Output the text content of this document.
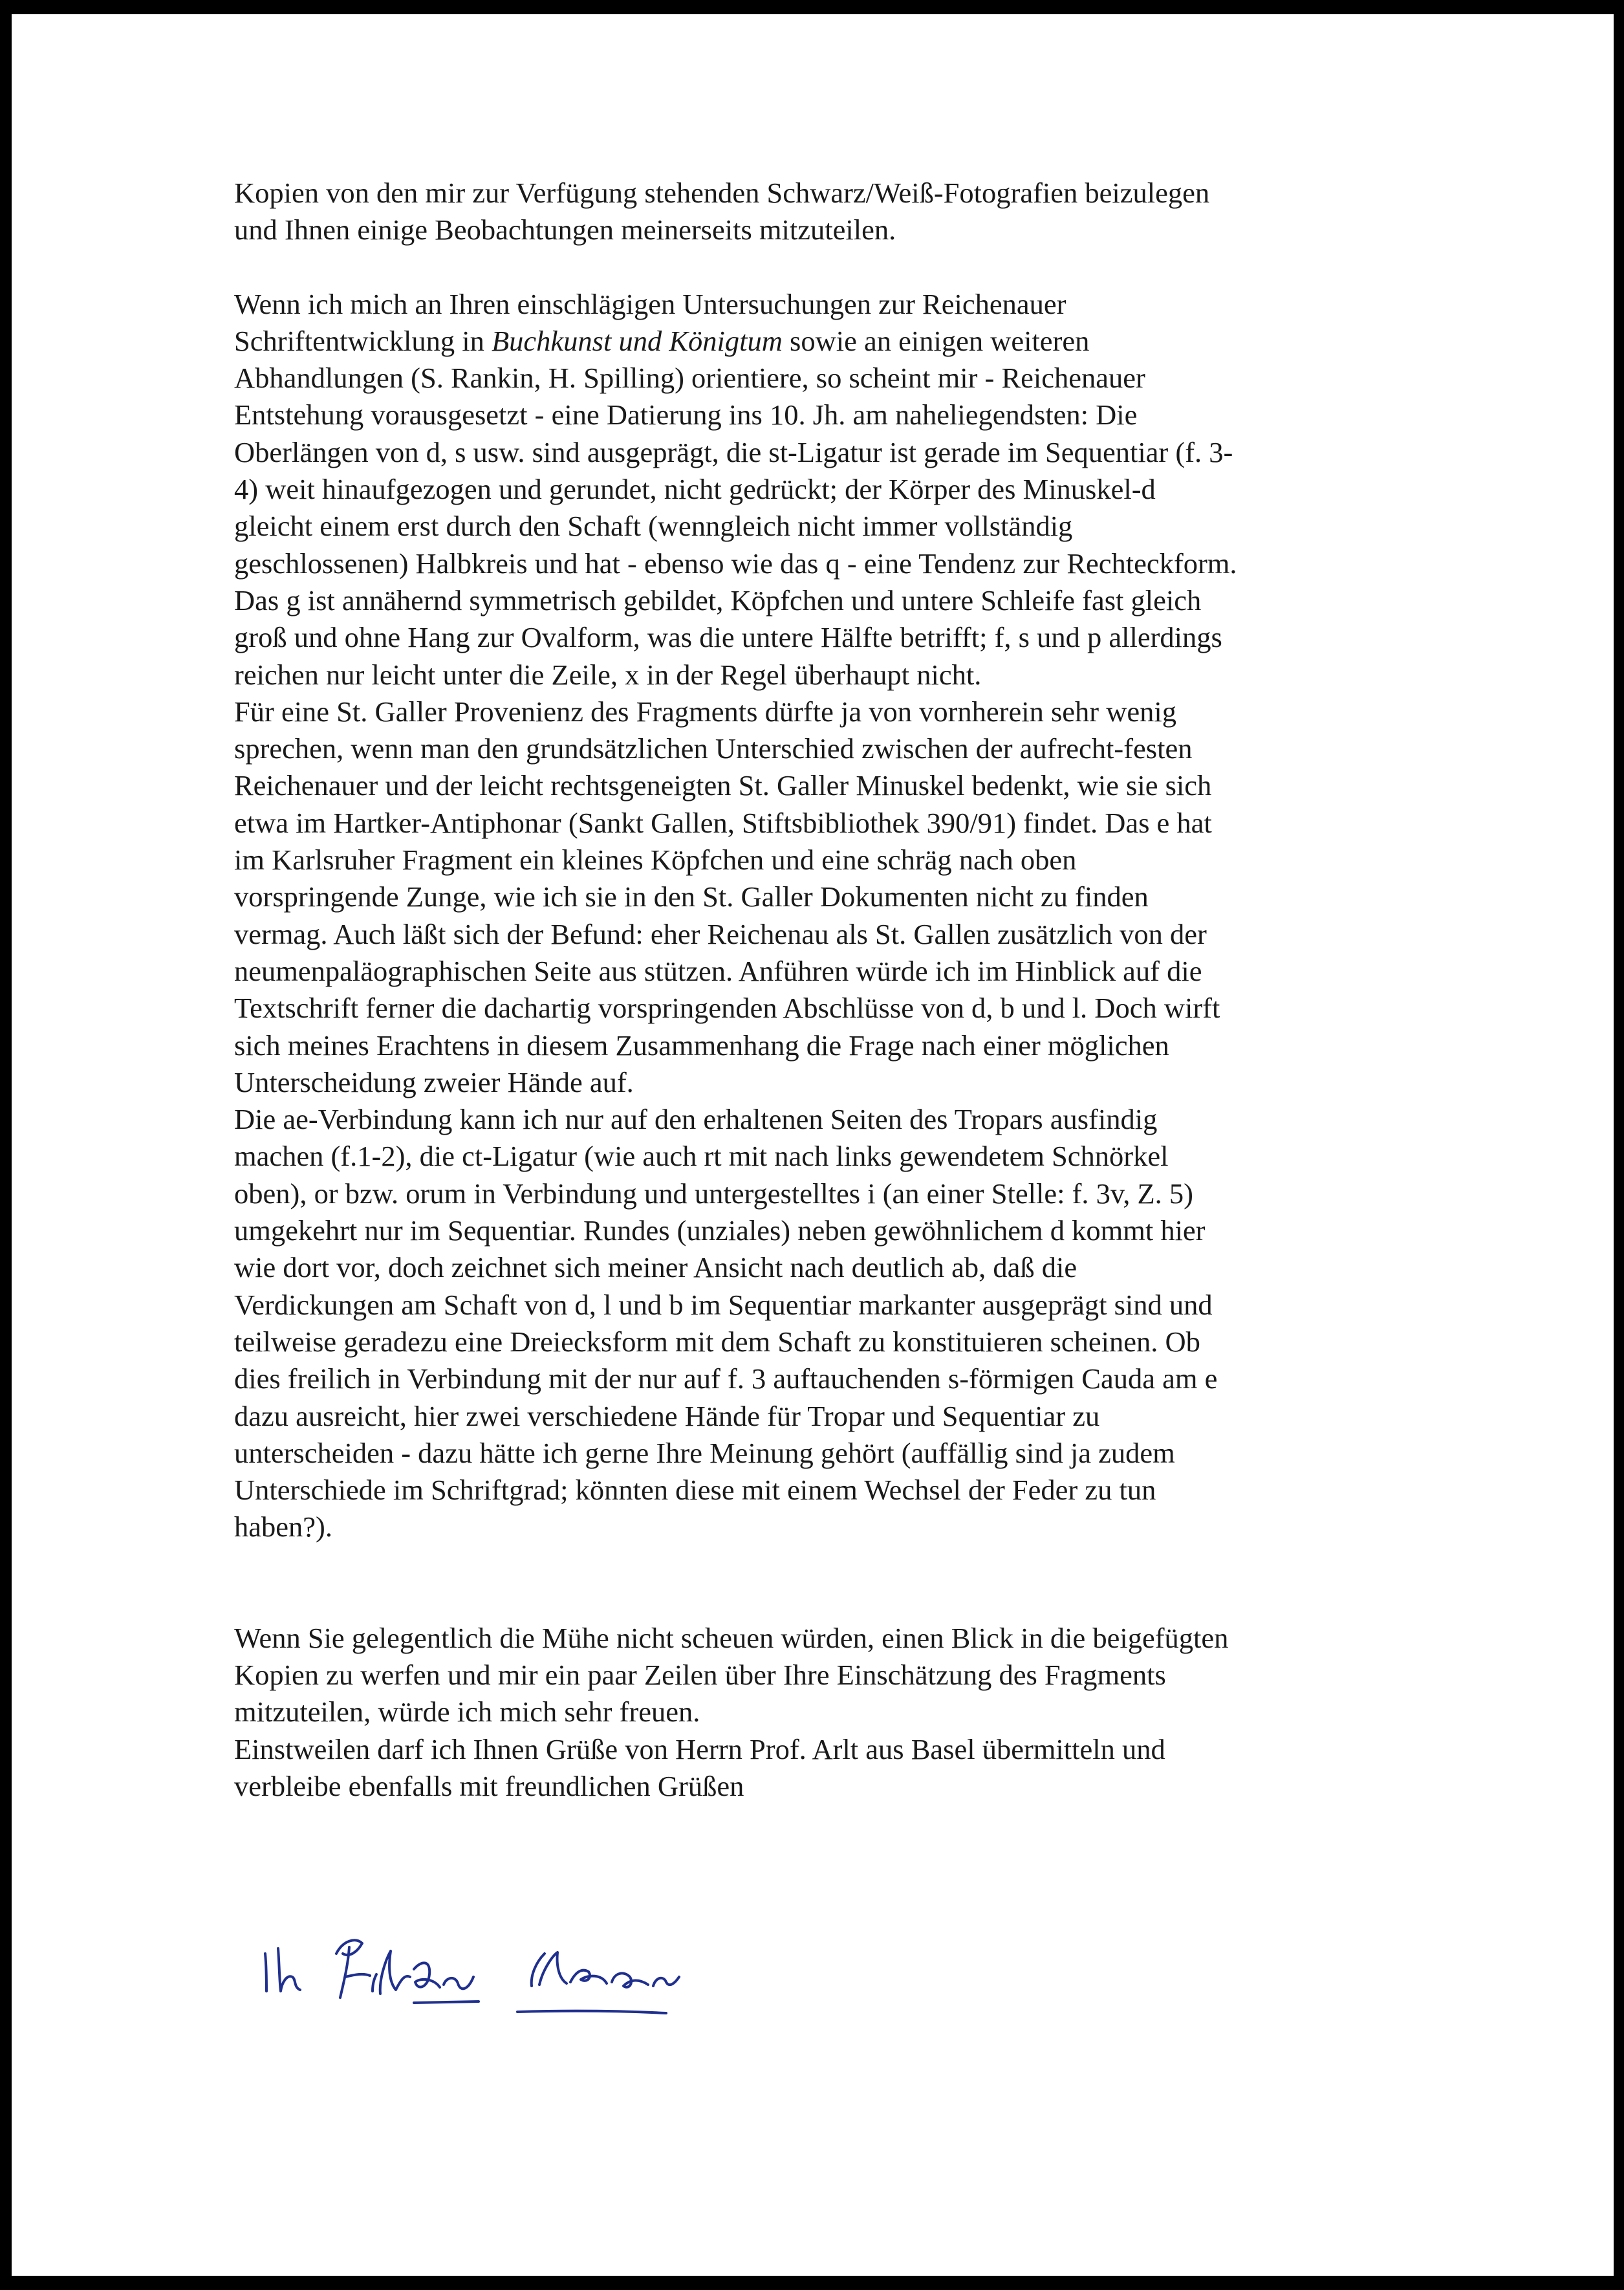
Kopien von den mir zur Verfügung stehenden Schwarz/Weiß-Fotografien beizulegen
und Ihnen einige Beobachtungen meinerseits mitzuteilen.
Wenn ich mich an Ihren einschlägigen Untersuchungen zur Reichenauer
Schriftentwicklung in Buchkunst und Königtum sowie an einigen weiteren
Abhandlungen (S. Rankin, H. Spilling) orientiere, so scheint mir - Reichenauer
Entstehung vorausgesetzt - eine Datierung ins 10. Jh. am naheliegendsten: Die
Oberlängen von d, s usw. sind ausgeprägt, die st-Ligatur ist gerade im Sequentiar (f. 3-
4) weit hinaufgezogen und gerundet, nicht gedrückt; der Körper des Minuskel-d
gleicht einem erst durch den Schaft (wenngleich nicht immer vollständig
geschlossenen) Halbkreis und hat - ebenso wie das q - eine Tendenz zur Rechteckform.
Das g ist annähernd symmetrisch gebildet, Köpfchen und untere Schleife fast gleich
groß und ohne Hang zur Ovalform, was die untere Hälfte betrifft; f, s und p allerdings
reichen nur leicht unter die Zeile, x in der Regel überhaupt nicht.
Für eine St. Galler Provenienz des Fragments dürfte ja von vornherein sehr wenig
sprechen, wenn man den grundsätzlichen Unterschied zwischen der aufrecht-festen
Reichenauer und der leicht rechtsgeneigten St. Galler Minuskel bedenkt, wie sie sich
etwa im Hartker-Antiphonar (Sankt Gallen, Stiftsbibliothek 390/91) findet. Das e hat
im Karlsruher Fragment ein kleines Köpfchen und eine schräg nach oben
vorspringende Zunge, wie ich sie in den St. Galler Dokumenten nicht zu finden
vermag. Auch läßt sich der Befund: eher Reichenau als St. Gallen zusätzlich von der
neumenpaläographischen Seite aus stützen. Anführen würde ich im Hinblick auf die
Textschrift ferner die dachartig vorspringenden Abschlüsse von d, b und l. Doch wirft
sich meines Erachtens in diesem Zusammenhang die Frage nach einer möglichen
Unterscheidung zweier Hände auf.
Die ae-Verbindung kann ich nur auf den erhaltenen Seiten des Tropars ausfindig
machen (f.1-2), die ct-Ligatur (wie auch rt mit nach links gewendetem Schnörkel
oben), or bzw. orum in Verbindung und untergestelltes i (an einer Stelle: f. 3v, Z. 5)
umgekehrt nur im Sequentiar. Rundes (unziales) neben gewöhnlichem d kommt hier
wie dort vor, doch zeichnet sich meiner Ansicht nach deutlich ab, daß die
Verdickungen am Schaft von d, l und b im Sequentiar markanter ausgeprägt sind und
teilweise geradezu eine Dreiecksform mit dem Schaft zu konstituieren scheinen. Ob
dies freilich in Verbindung mit der nur auf f. 3 auftauchenden s-förmigen Cauda am e
dazu ausreicht, hier zwei verschiedene Hände für Tropar und Sequentiar zu
unterscheiden - dazu hätte ich gerne Ihre Meinung gehört (auffällig sind ja zudem
Unterschiede im Schriftgrad; könnten diese mit einem Wechsel der Feder zu tun
haben?).
Wenn Sie gelegentlich die Mühe nicht scheuen würden, einen Blick in die beigefügten
Kopien zu werfen und mir ein paar Zeilen über Ihre Einschätzung des Fragments
mitzuteilen, würde ich mich sehr freuen.
Einstweilen darf ich Ihnen Grüße von Herrn Prof. Arlt aus Basel übermitteln und
verbleibe ebenfalls mit freundlichen Grüßen
